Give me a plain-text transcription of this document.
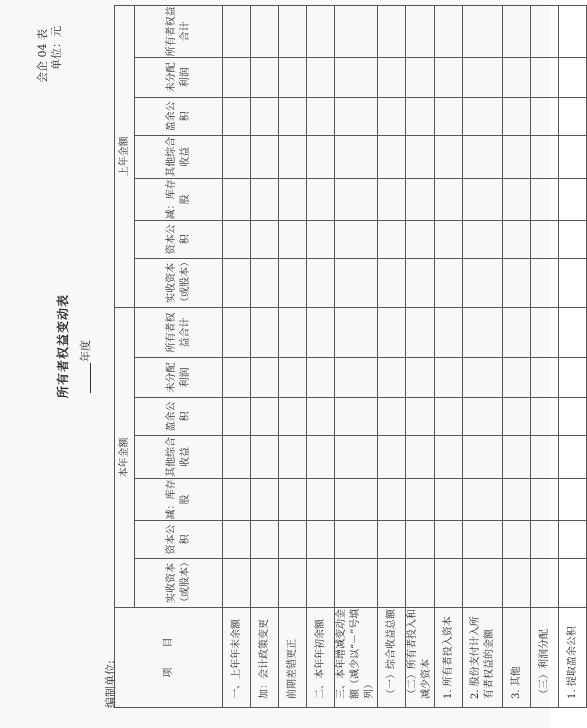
所有者权益变动表 年度
编制单位:
会企 04 表 单位：元
项　　目	本年金额							上年金额						
	实收资本（或股本）	资本公积	减：库存股	其他综合收益	盈余公积	未分配利润	所有者权益合计	实收资本（或股本）	资本公积	减：库存股	其他综合收益	盈余公积	未分配利润	所有者权益合计
一、上年年末余额														
加：会计政策变更														
前期差错更正														
二、本年年初余额														
三、本年增减变动金额（减少以“－”号填列）														
（一）综合收益总额														
（二）所有者投入和减少资本														
1. 所有者投入资本														
2. 股份支付计入所有者权益的金额														
3. 其他														
（三）利润分配														
1. 提取盈余公积														
